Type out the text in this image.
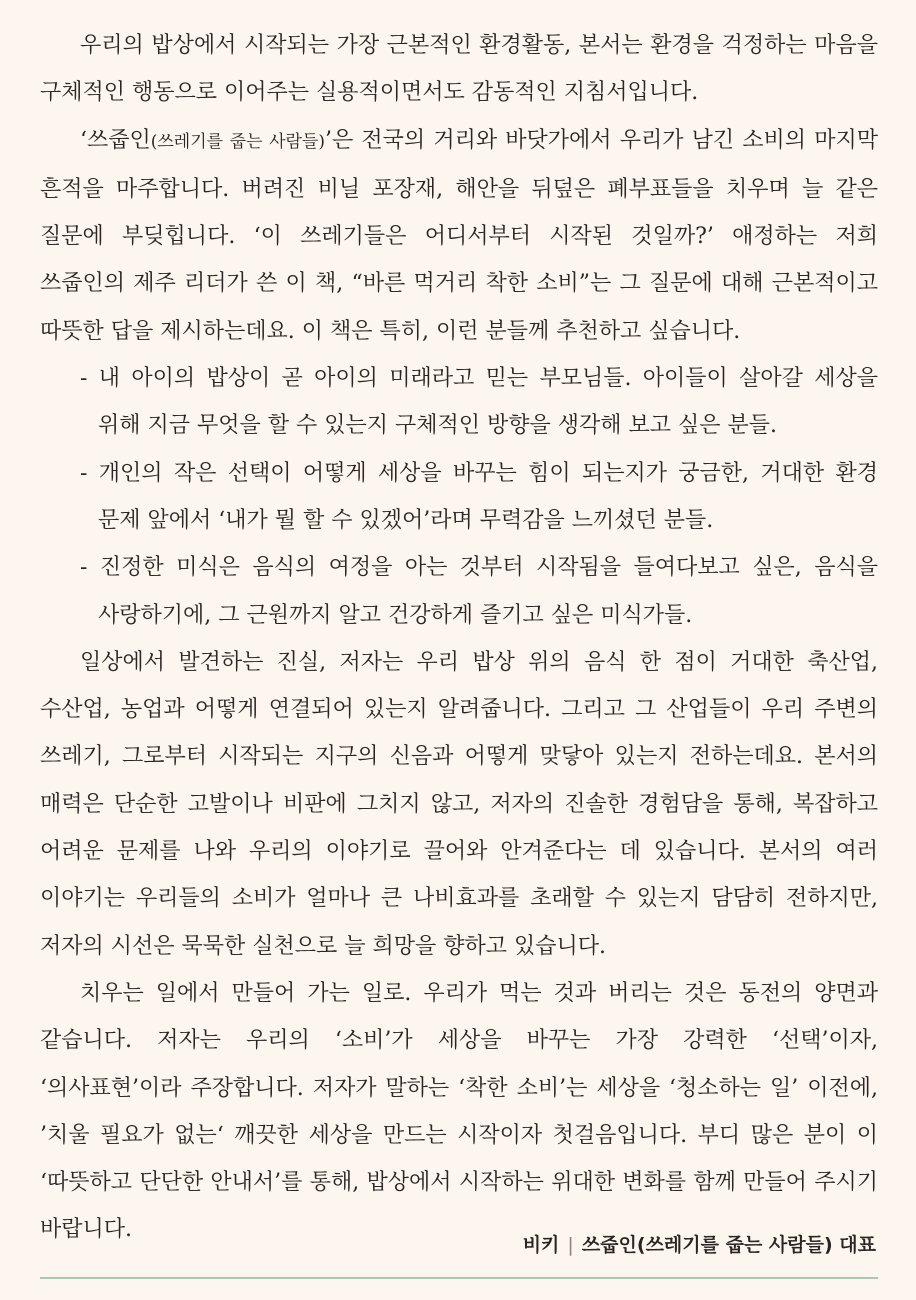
우리의 밥상에서 시작되는 가장 근본적인 환경활동, 본서는 환경을 걱정하는 마음을 구체적인 행동으로 이어주는 실용적이면서도 감동적인 지침서입니다.

‘쓰줍인(쓰레기를 줍는 사람들)’은 전국의 거리와 바닷가에서 우리가 남긴 소비의 마지막 흔적을 마주합니다. 버려진 비닐 포장재, 해안을 뒤덮은 폐부표들을 치우며 늘 같은 질문에 부딪힙니다. ‘이 쓰레기들은 어디서부터 시작된 것일까?’ 애정하는 저희 쓰줍인의 제주 리더가 쓴 이 책, “바른 먹거리 착한 소비”는 그 질문에 대해 근본적이고 따뜻한 답을 제시하는데요. 이 책은 특히, 이런 분들께 추천하고 싶습니다.

- 내 아이의 밥상이 곧 아이의 미래라고 믿는 부모님들. 아이들이 살아갈 세상을 위해 지금 무엇을 할 수 있는지 구체적인 방향을 생각해 보고 싶은 분들.
- 개인의 작은 선택이 어떻게 세상을 바꾸는 힘이 되는지가 궁금한, 거대한 환경 문제 앞에서 ‘내가 뭘 할 수 있겠어’라며 무력감을 느끼셨던 분들.
- 진정한 미식은 음식의 여정을 아는 것부터 시작됨을 들여다보고 싶은, 음식을 사랑하기에, 그 근원까지 알고 건강하게 즐기고 싶은 미식가들.

일상에서 발견하는 진실, 저자는 우리 밥상 위의 음식 한 점이 거대한 축산업, 수산업, 농업과 어떻게 연결되어 있는지 알려줍니다. 그리고 그 산업들이 우리 주변의 쓰레기, 그로부터 시작되는 지구의 신음과 어떻게 맞닿아 있는지 전하는데요. 본서의 매력은 단순한 고발이나 비판에 그치지 않고, 저자의 진솔한 경험담을 통해, 복잡하고 어려운 문제를 나와 우리의 이야기로 끌어와 안겨준다는 데 있습니다. 본서의 여러 이야기는 우리들의 소비가 얼마나 큰 나비효과를 초래할 수 있는지 담담히 전하지만, 저자의 시선은 묵묵한 실천으로 늘 희망을 향하고 있습니다.

치우는 일에서 만들어 가는 일로. 우리가 먹는 것과 버리는 것은 동전의 양면과 같습니다. 저자는 우리의 ‘소비’가 세상을 바꾸는 가장 강력한 ‘선택’이자, ‘의사표현’이라 주장합니다. 저자가 말하는 ‘착한 소비’는 세상을 ‘청소하는 일’ 이전에, ’치울 필요가 없는‘ 깨끗한 세상을 만드는 시작이자 첫걸음입니다. 부디 많은 분이 이 ‘따뜻하고 단단한 안내서’를 통해, 밥상에서 시작하는 위대한 변화를 함께 만들어 주시기 바랍니다.

비키 | 쓰줍인(쓰레기를 줍는 사람들) 대표
